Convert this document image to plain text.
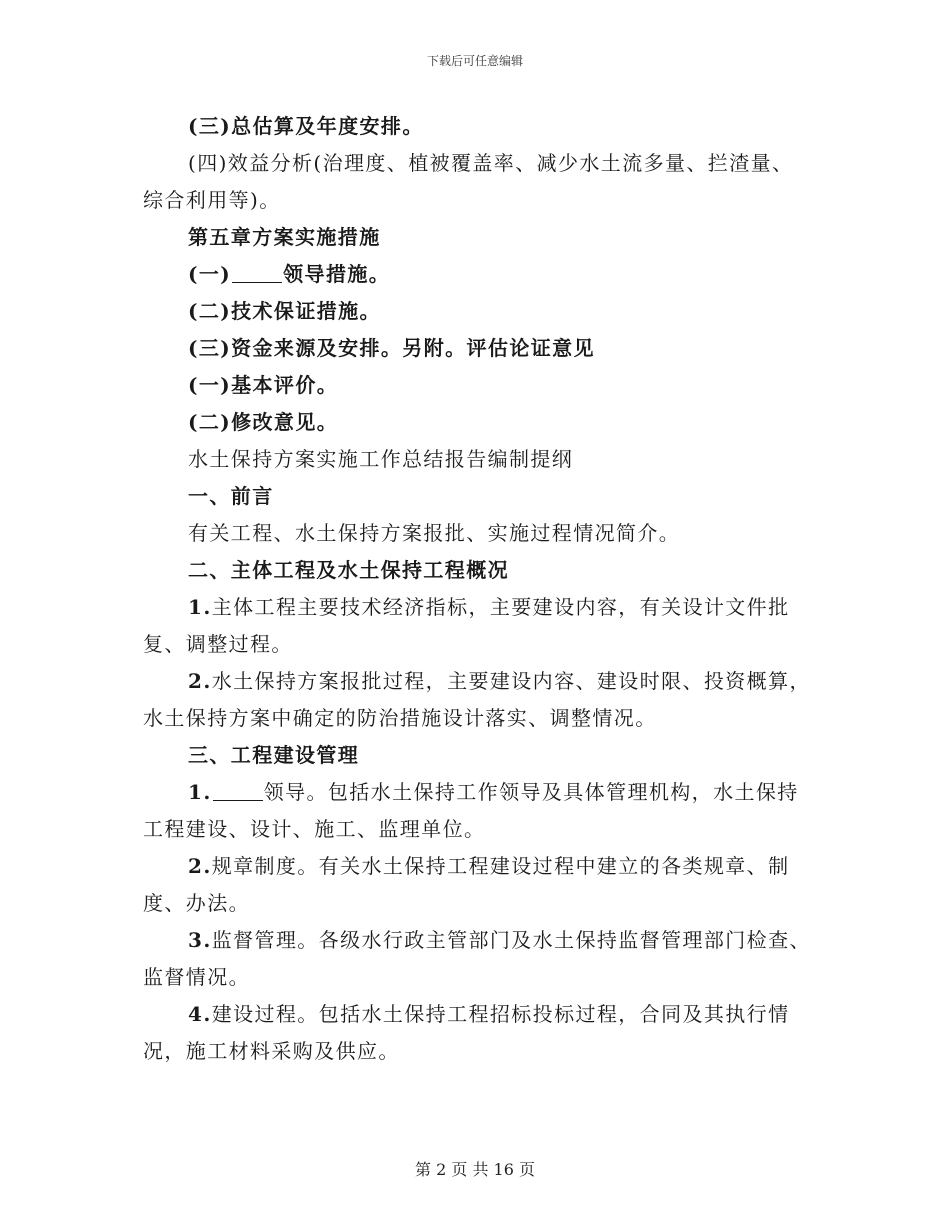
下载后可任意编辑

(三)总估算及年度安排。

(四)效益分析(治理度、植被覆盖率、减少水土流多量、拦渣量、

综合利用等)。

第五章方案实施措施

(一)	领导措施。

(二)技术保证措施。

(三)资金来源及安排。另附。评估论证意见

(一)基本评价。

(二)修改意见。

水土保持方案实施工作总结报告编制提纲

一、前言

有关工程、水土保持方案报批、实施过程情况简介。

二、主体工程及水土保持工程概况

1.主体工程主要技术经济指标，主要建设内容，有关设计文件批

复、调整过程。

2.水土保持方案报批过程，主要建设内容、建设时限、投资概算，

水土保持方案中确定的防治措施设计落实、调整情况。

三、工程建设管理

1.	领导。包括水土保持工作领导及具体管理机构，水土保持

工程建设、设计、施工、监理单位。

2.规章制度。有关水土保持工程建设过程中建立的各类规章、制

度、办法。

3.监督管理。各级水行政主管部门及水土保持监督管理部门检查、

监督情况。

4.建设过程。包括水土保持工程招标投标过程，合同及其执行情

况，施工材料采购及供应。

第 2 页 共 16 页
